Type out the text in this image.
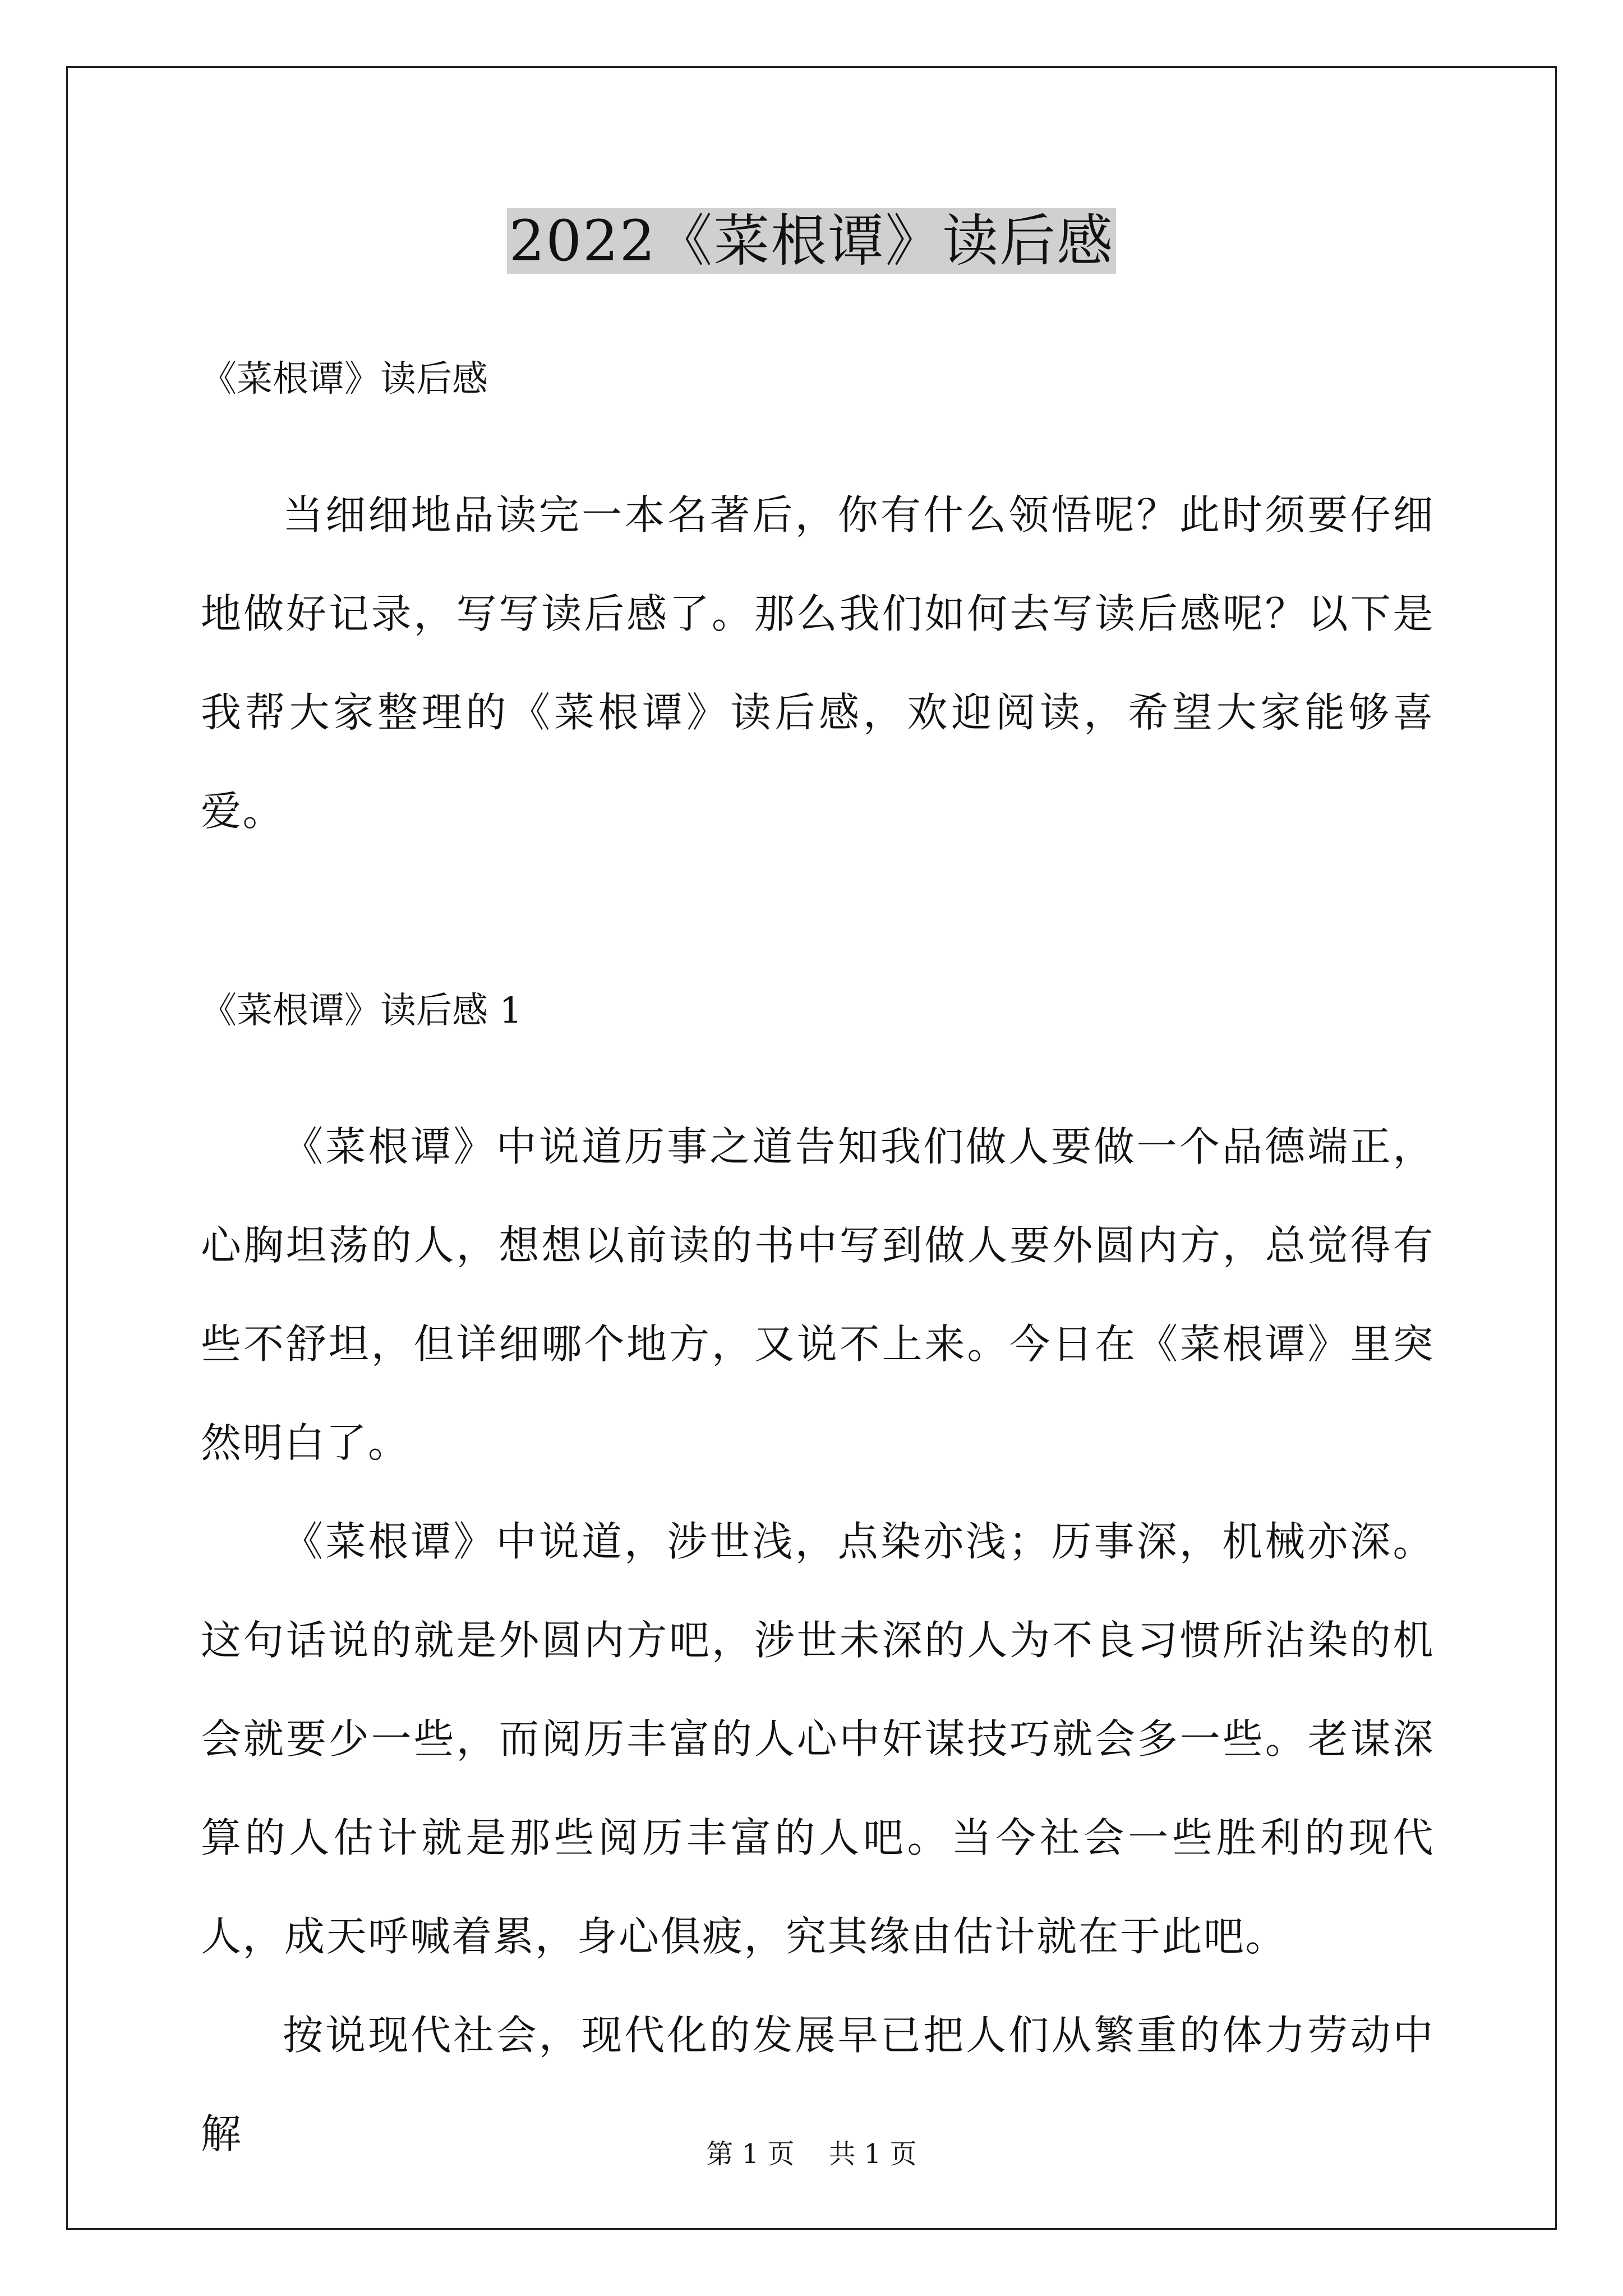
2022《菜根谭》读后感

《菜根谭》读后感

当细细地品读完一本名著后，你有什么领悟呢？此时须要仔细地做好记录，写写读后感了。那么我们如何去写读后感呢？以下是我帮大家整理的《菜根谭》读后感，欢迎阅读，希望大家能够喜爱。

《菜根谭》读后感 1

《菜根谭》中说道历事之道告知我们做人要做一个品德端正，心胸坦荡的人，想想以前读的书中写到做人要外圆内方，总觉得有些不舒坦，但详细哪个地方，又说不上来。今日在《菜根谭》里突然明白了。

《菜根谭》中说道，涉世浅，点染亦浅；历事深，机械亦深。这句话说的就是外圆内方吧，涉世未深的人为不良习惯所沾染的机会就要少一些，而阅历丰富的人心中奸谋技巧就会多一些。老谋深算的人估计就是那些阅历丰富的人吧。当今社会一些胜利的现代人，成天呼喊着累，身心俱疲，究其缘由估计就在于此吧。

按说现代社会，现代化的发展早已把人们从繁重的体力劳动中解	第 1 页    共 1 页
